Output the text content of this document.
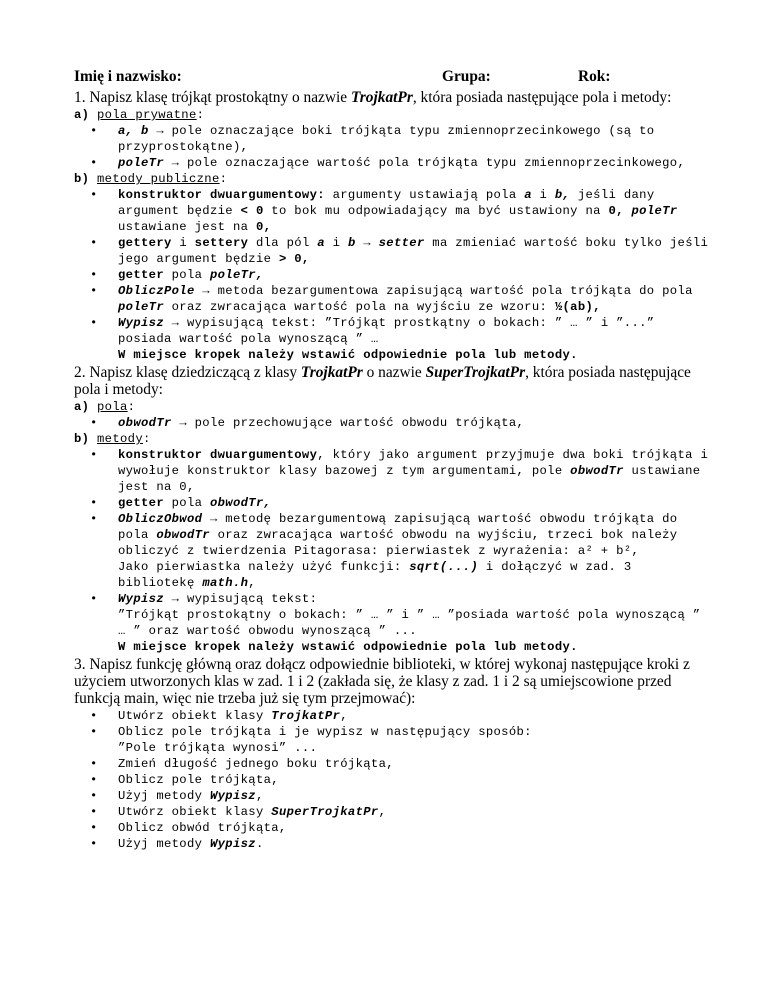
Imię i nazwisko:	Grupa:	Rok:
1. Napisz klasę trójkąt prostokątny o nazwie TrojkatPr, która posiada następujące pola i metody:
a) pola prywatne:
• a, b → pole oznaczające boki trójkąta typu zmiennoprzecinkowego (są to przyprostokątne),
• poleTr → pole oznaczające wartość pola trójkąta typu zmiennoprzecinkowego,
b) metody publiczne:
• konstruktor dwuargumentowy: argumenty ustawiają pola a i b, jeśli dany argument będzie < 0 to bok mu odpowiadający ma być ustawiony na 0, poleTr ustawiane jest na 0,
• gettery i settery dla pól a i b → setter ma zmieniać wartość boku tylko jeśli jego argument będzie > 0,
• getter pola poleTr,
• ObliczPole → metoda bezargumentowa zapisującą wartość pola trójkąta do pola poleTr oraz zwracająca wartość pola na wyjściu ze wzoru: ½(ab),
• Wypisz → wypisującą tekst: ”Trójkąt prostkątny o bokach: ” … ” i ”...” posiada wartość pola wynoszącą ” …
W miejsce kropek należy wstawić odpowiednie pola lub metody.
2. Napisz klasę dziedziczącą z klasy TrojkatPr o nazwie SuperTrojkatPr, która posiada następujące pola i metody:
a) pola:
• obwodTr → pole przechowujące wartość obwodu trójkąta,
b) metody:
• konstruktor dwuargumentowy, który jako argument przyjmuje dwa boki trójkąta i wywołuje konstruktor klasy bazowej z tym argumentami, pole obwodTr ustawiane jest na 0,
• getter pola obwodTr,
• ObliczObwod → metodę bezargumentową zapisującą wartość obwodu trójkąta do pola obwodTr oraz zwracająca wartość obwodu na wyjściu, trzeci bok należy obliczyć z twierdzenia Pitagorasa: pierwiastek z wyrażenia: a² + b²,
Jako pierwiastka należy użyć funkcji: sqrt(...) i dołączyć w zad. 3 bibliotekę math.h,
• Wypisz → wypisującą tekst:
”Trójkąt prostokątny o bokach: ” … ” i ” … ”posiada wartość pola wynoszącą ” … ” oraz wartość obwodu wynoszącą ” ...
W miejsce kropek należy wstawić odpowiednie pola lub metody.
3. Napisz funkcję główną oraz dołącz odpowiednie biblioteki, w której wykonaj następujące kroki z użyciem utworzonych klas w zad. 1 i 2 (zakłada się, że klasy z zad. 1 i 2 są umiejscowione przed funkcją main, więc nie trzeba już się tym przejmować):
• Utwórz obiekt klasy TrojkatPr,
• Oblicz pole trójkąta i je wypisz w następujący sposób:
”Pole trójkąta wynosi” ...
• Zmień długość jednego boku trójkąta,
• Oblicz pole trójkąta,
• Użyj metody Wypisz,
• Utwórz obiekt klasy SuperTrojkatPr,
• Oblicz obwód trójkąta,
• Użyj metody Wypisz.
